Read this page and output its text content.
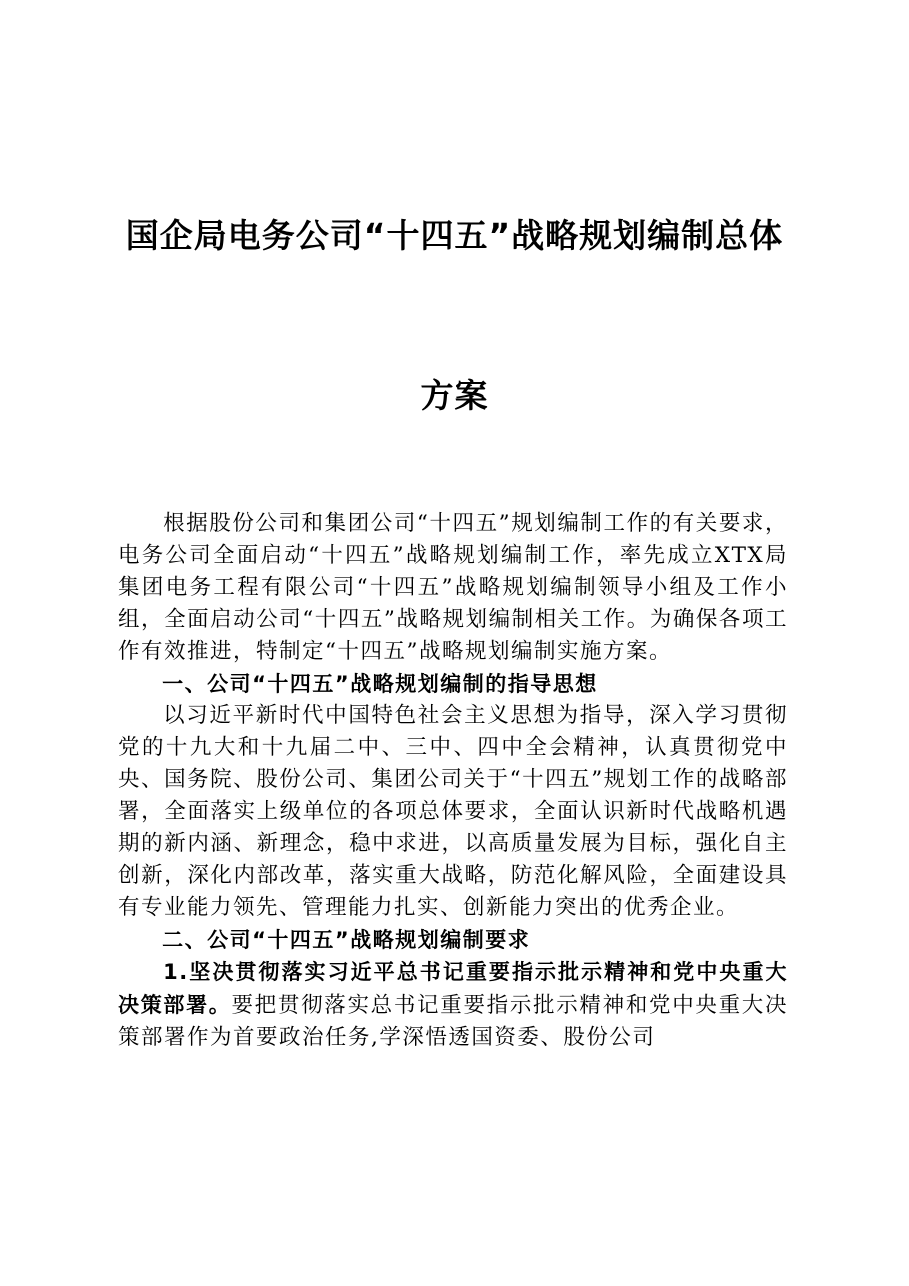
国企局电务公司“十四五”战略规划编制总体
方案

根据股份公司和集团公司“十四五”规划编制工作的有关要求，电务公司全面启动“十四五”战略规划编制工作，率先成立XTX局集团电务工程有限公司“十四五”战略规划编制领导小组及工作小组，全面启动公司“十四五”战略规划编制相关工作。为确保各项工作有效推进，特制定“十四五”战略规划编制实施方案。

一、公司“十四五”战略规划编制的指导思想

以习近平新时代中国特色社会主义思想为指导，深入学习贯彻党的十九大和十九届二中、三中、四中全会精神，认真贯彻党中央、国务院、股份公司、集团公司关于“十四五”规划工作的战略部署，全面落实上级单位的各项总体要求，全面认识新时代战略机遇期的新内涵、新理念，稳中求进，以高质量发展为目标，强化自主创新，深化内部改革，落实重大战略，防范化解风险，全面建设具有专业能力领先、管理能力扎实、创新能力突出的优秀企业。

二、公司“十四五”战略规划编制要求

1.坚决贯彻落实习近平总书记重要指示批示精神和党中央重大决策部署。要把贯彻落实总书记重要指示批示精神和党中央重大决策部署作为首要政治任务,学深悟透国资委、股份公司
